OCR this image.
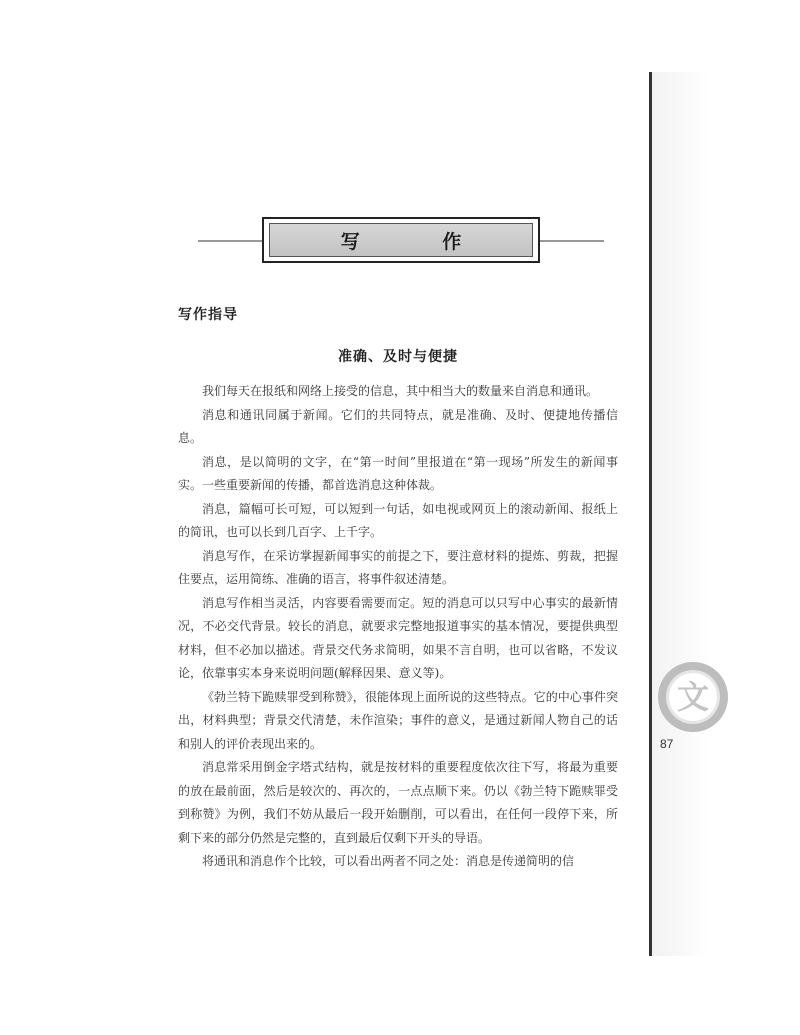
写 作
写作指导
准确、及时与便捷

我们每天在报纸和网络上接受的信息，其中相当大的数量来自消息和通讯。

消息和通讯同属于新闻。它们的共同特点，就是准确、及时、便捷地传播信息。

消息，是以简明的文字，在“第一时间”里报道在“第一现场”所发生的新闻事实。一些重要新闻的传播，都首选消息这种体裁。

消息，篇幅可长可短，可以短到一句话，如电视或网页上的滚动新闻、报纸上的简讯，也可以长到几百字、上千字。

消息写作，在采访掌握新闻事实的前提之下，要注意材料的提炼、剪裁，把握住要点，运用简练、准确的语言，将事件叙述清楚。

消息写作相当灵活，内容要看需要而定。短的消息可以只写中心事实的最新情况，不必交代背景。较长的消息，就要求完整地报道事实的基本情况，要提供典型材料，但不必加以描述。背景交代务求简明，如果不言自明，也可以省略，不发议论，依靠事实本身来说明问题(解释因果、意义等)。

《勃兰特下跪赎罪受到称赞》，很能体现上面所说的这些特点。它的中心事件突出，材料典型；背景交代清楚，未作渲染；事件的意义，是通过新闻人物自己的话和别人的评价表现出来的。

消息常采用倒金字塔式结构，就是按材料的重要程度依次往下写，将最为重要的放在最前面，然后是较次的、再次的，一点点顺下来。仍以《勃兰特下跪赎罪受到称赞》为例，我们不妨从最后一段开始删削，可以看出，在任何一段停下来，所剩下来的部分仍然是完整的，直到最后仅剩下开头的导语。

将通讯和消息作个比较，可以看出两者不同之处：消息是传递简明的信

文
87
